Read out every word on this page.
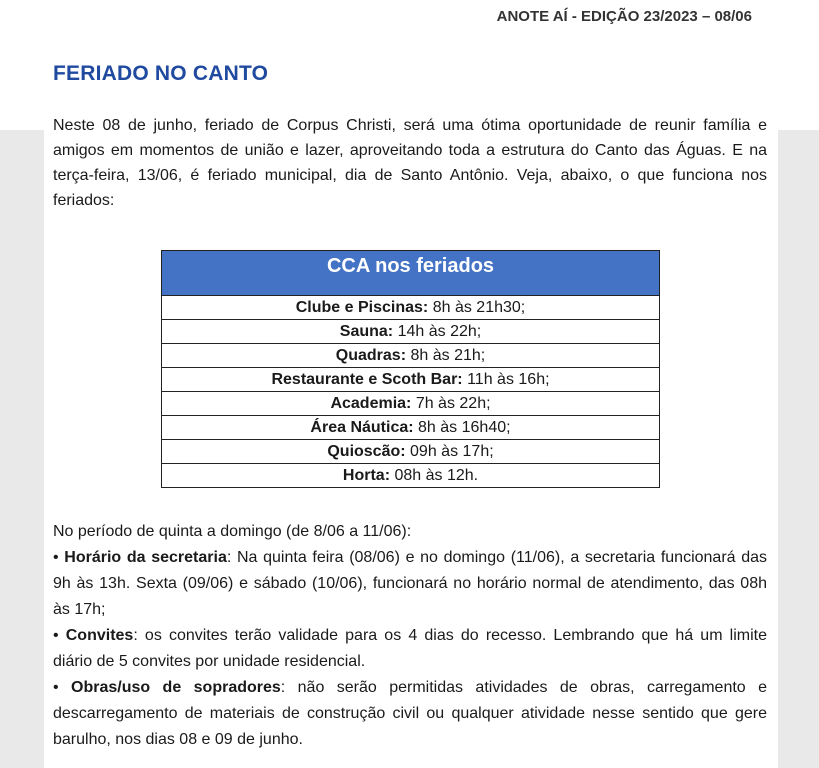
ANOTE AÍ - EDIÇÃO 23/2023 – 08/06
FERIADO NO CANTO
Neste 08 de junho, feriado de Corpus Christi, será uma ótima oportunidade de reunir família e amigos em momentos de união e lazer, aproveitando toda a estrutura do Canto das Águas. E na terça-feira, 13/06, é feriado municipal, dia de Santo Antônio. Veja, abaixo, o que funciona nos feriados:
CCA nos feriados
Clube e Piscinas: 8h às 21h30;
Sauna: 14h às 22h;
Quadras: 8h às 21h;
Restaurante e Scoth Bar: 11h às 16h;
Academia: 7h às 22h;
Área Náutica: 8h às 16h40;
Quioscão: 09h às 17h;
Horta: 08h às 12h.
No período de quinta a domingo (de 8/06 a 11/06):

• Horário da secretaria: Na quinta feira (08/06) e no domingo (11/06), a secretaria funcionará das 9h às 13h. Sexta (09/06) e sábado (10/06), funcionará no horário normal de atendimento, das 08h às 17h;

• Convites: os convites terão validade para os 4 dias do recesso. Lembrando que há um limite diário de 5 convites por unidade residencial.

• Obras/uso de sopradores: não serão permitidas atividades de obras, carregamento e descarregamento de materiais de construção civil ou qualquer atividade nesse sentido que gere barulho, nos dias 08 e 09 de junho.
